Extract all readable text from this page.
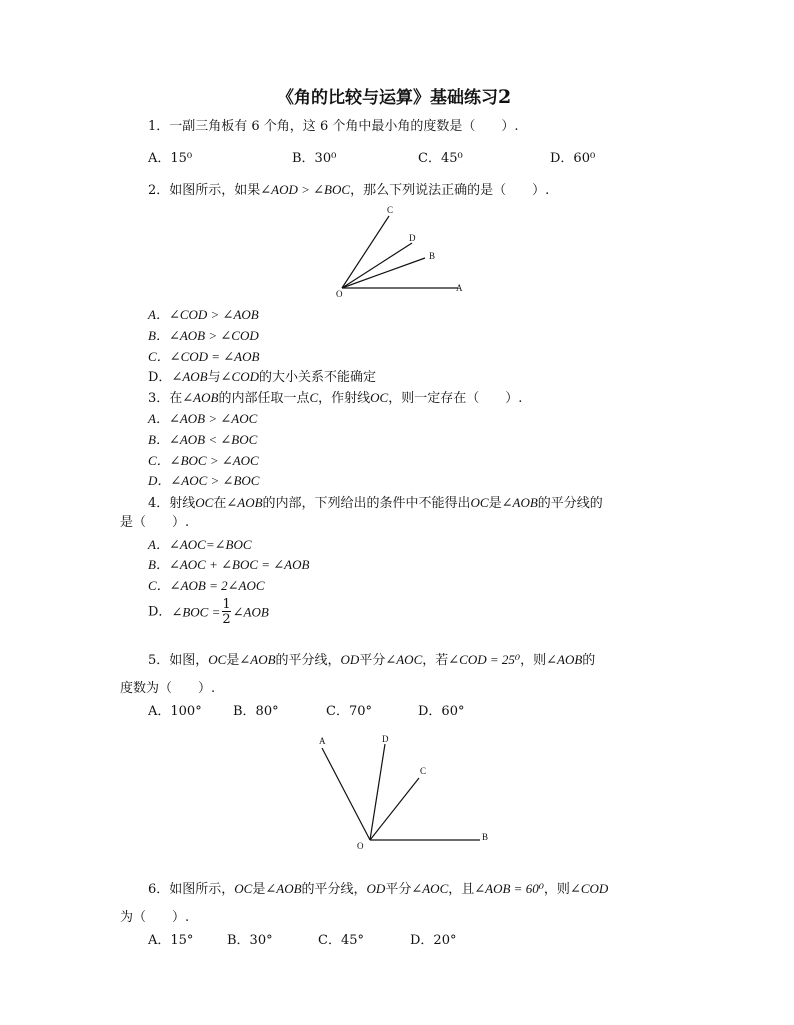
《角的比较与运算》基础练习2
1．一副三角板有 6 个角，这 6 个角中最小角的度数是（　　）.
A．15⁰	B．30⁰	C．45⁰	D．60⁰
2．如图所示，如果∠AOD > ∠BOC，那么下列说法正确的是（　　）.
C
D
B
O
A
A．∠COD > ∠AOB
B．∠AOB > ∠COD
C．∠COD = ∠AOB
D．∠AOB与∠COD的大小关系不能确定
3．在∠AOB的内部任取一点C，作射线OC，则一定存在（　　）.
A．∠AOB > ∠AOC
B．∠AOB < ∠BOC
C．∠BOC > ∠AOC
D．∠AOC > ∠BOC
4．射线OC在∠AOB的内部，下列给出的条件中不能得出OC是∠AOB的平分线的
是（　　）.
A．∠AOC=∠BOC
B．∠AOC + ∠BOC = ∠AOB
C．∠AOB = 2∠AOC
D．∠BOC = $\frac{1}{2}$ ∠AOB
5．如图，OC是∠AOB的平分线，OD平分∠AOC，若∠COD = 25⁰，则∠AOB的
度数为（　　）.
A．100° B．80°	C．70°	D．60°
A	D
C
O
B
6．如图所示，OC是∠AOB的平分线，OD平分∠AOC，且∠AOB = 60⁰，则∠COD
为（　　）.
A．15°	B．30°	C．45°	D．20°
